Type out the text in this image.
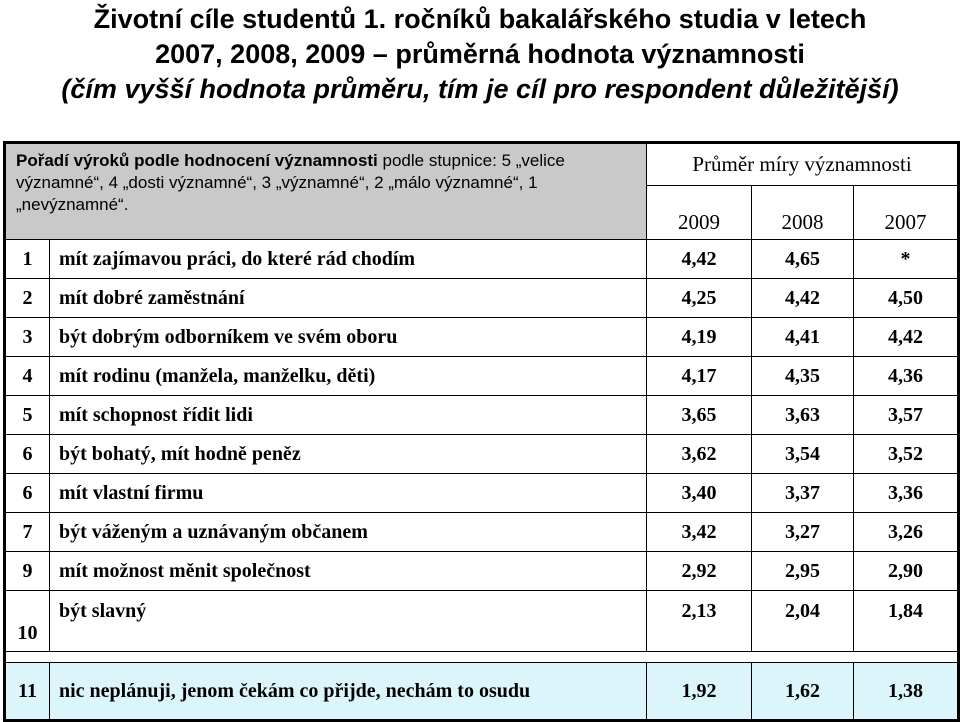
Životní cíle studentů 1. ročníků bakalářského studia v letech
2007, 2008, 2009 – průměrná hodnota významnosti
(čím vyšší hodnota průměru, tím je cíl pro respondent důležitější)
Pořadí výroků podle hodnocení významnosti podle stupnice: 5 „velice významné“, 4 „dosti významné“, 3 „významné“, 2 „málo významné“, 1 „nevýznamné“.		Průměr míry významnosti		
		2009	2008	2007
1	mít zajímavou práci, do které rád chodím	4,42	4,65	*
2	mít dobré zaměstnání	4,25	4,42	4,50
3	být dobrým odborníkem ve svém oboru	4,19	4,41	4,42
4	mít rodinu (manžela, manželku, děti)	4,17	4,35	4,36
5	mít schopnost řídit lidi	3,65	3,63	3,57
6	být bohatý, mít hodně peněz	3,62	3,54	3,52
6	mít vlastní firmu	3,40	3,37	3,36
7	být váženým a uznávaným občanem	3,42	3,27	3,26
9	mít možnost měnit společnost	2,92	2,95	2,90
10	být slavný	2,13	2,04	1,84

11	nic neplánuji, jenom čekám co přijde, nechám to osudu	1,92	1,62	1,38
